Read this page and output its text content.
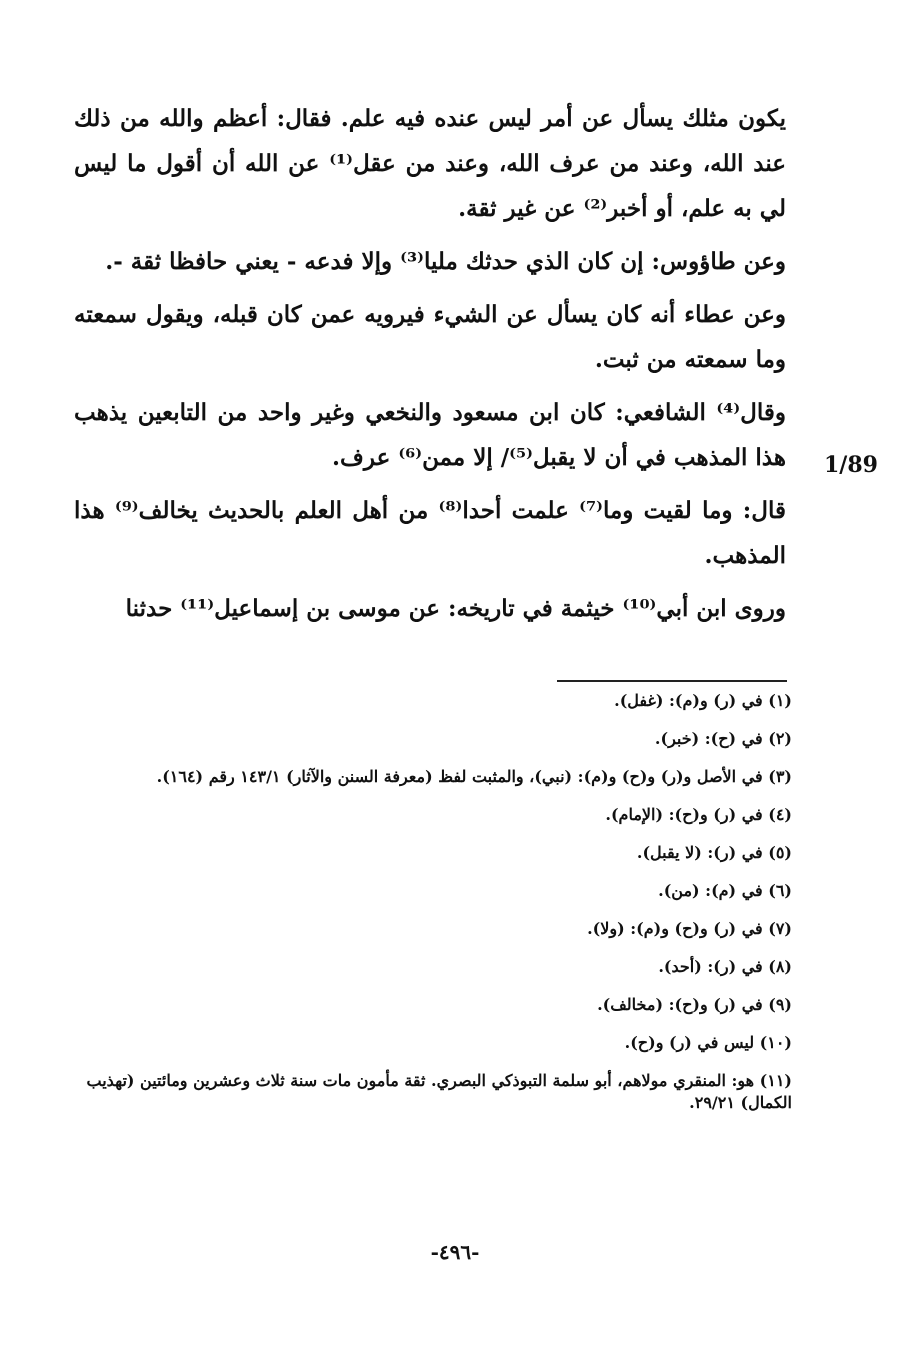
يكون مثلك يسأل عن أمر ليس عنده فيه علم. فقال: أعظم والله من ذلك عند الله، وعند من عرف الله، وعند من عقل⁽¹⁾ عن الله أن أقول ما ليس لي به علم، أو أخبر⁽²⁾ عن غير ثقة.

وعن طاؤوس: إن كان الذي حدثك مليا⁽³⁾ وإلا فدعه - يعني حافظا ثقة -.

وعن عطاء أنه كان يسأل عن الشيء فيرويه عمن كان قبله، ويقول سمعته وما سمعته من ثبت.

وقال⁽⁴⁾ الشافعي: كان ابن مسعود والنخعي وغير واحد من التابعين يذهب هذا المذهب في أن لا يقبل⁽⁵⁾/ إلا ممن⁽⁶⁾ عرف.

قال: وما لقيت وما⁽⁷⁾ علمت أحدا⁽⁸⁾ من أهل العلم بالحديث يخالف⁽⁹⁾ هذا المذهب.

وروى ابن أبي⁽¹⁰⁾ خيثمة في تاريخه: عن موسى بن إسماعيل⁽¹¹⁾ حدثنا

1/89
(١) في (ر) و(م): (غفل).
(٢) في (ح): (خبر).
(٣) في الأصل و(ر) و(ح) و(م): (نبي)، والمثبت لفظ (معرفة السنن والآثار) ١٤٣/١ رقم (١٦٤).
(٤) في (ر) و(ح): (الإمام).
(٥) في (ر): (لا يقبل).
(٦) في (م): (من).
(٧) في (ر) و(ح) و(م): (ولا).
(٨) في (ر): (أحد).
(٩) في (ر) و(ح): (مخالف).
(١٠) ليس في (ر) و(ح).
(١١) هو: المنقري مولاهم، أبو سلمة التبوذكي البصري. ثقة مأمون مات سنة ثلاث وعشرين ومائتين (تهذيب الكمال) ٢٩/٢١.
-٤٩٦-
